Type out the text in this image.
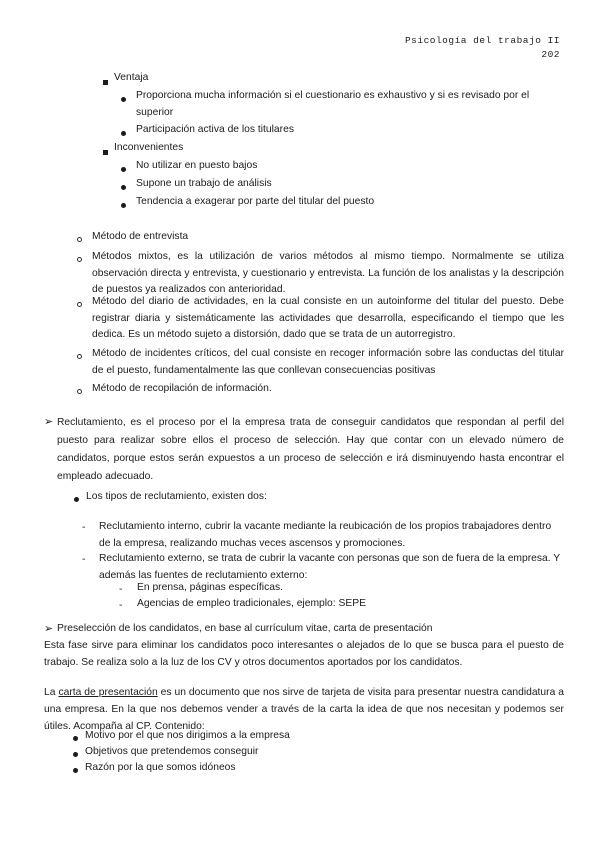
Psicología del trabajo II
202
Ventaja
Proporciona mucha información si el cuestionario es exhaustivo y si es revisado por el superior
Participación activa de los titulares
Inconvenientes
No utilizar en puesto bajos
Supone un trabajo de análisis
Tendencia a exagerar por parte del titular del puesto
Método de entrevista
Métodos mixtos, es la utilización de varios métodos al mismo tiempo. Normalmente se utiliza observación directa y entrevista, y cuestionario y entrevista. La función de los analistas y la descripción de puestos ya realizados con anterioridad.
Método del diario de actividades, en la cual consiste en un autoinforme del titular del puesto. Debe registrar diaria y sistemáticamente las actividades que desarrolla, especificando el tiempo que les dedica. Es un método sujeto a distorsión, dado que se trata de un autorregistro.
Método de incidentes críticos, del cual consiste en recoger información sobre las conductas del titular de el puesto, fundamentalmente las que conllevan consecuencias positivas
Método de recopilación de información.
➢ Reclutamiento, es el proceso por el la empresa trata de conseguir candidatos que respondan al perfil del puesto para realizar sobre ellos el proceso de selección. Hay que contar con un elevado número de candidatos, porque estos serán expuestos a un proceso de selección e irá disminuyendo hasta encontrar el empleado adecuado.
Los tipos de reclutamiento, existen dos:
- Reclutamiento interno, cubrir la vacante mediante la reubicación de los propios trabajadores dentro de la empresa, realizando muchas veces ascensos y promociones.
- Reclutamiento externo, se trata de cubrir la vacante con personas que son de fuera de la empresa. Y además las fuentes de reclutamiento externo:
- En prensa, páginas específicas.
- Agencias de empleo tradicionales, ejemplo: SEPE
➢ Preselección de los candidatos, en base al currículum vitae, carta de presentación
Esta fase sirve para eliminar los candidatos poco interesantes o alejados de lo que se busca para el puesto de trabajo. Se realiza solo a la luz de los CV y otros documentos aportados por los candidatos.
La carta de presentación es un documento que nos sirve de tarjeta de visita para presentar nuestra candidatura a una empresa. En la que nos debemos vender a través de la carta la idea de que nos necesitan y podemos ser útiles. Acompaña al CP. Contenido:
Motivo por el que nos dirigimos a la empresa
Objetivos que pretendemos conseguir
Razón por la que somos idóneos
